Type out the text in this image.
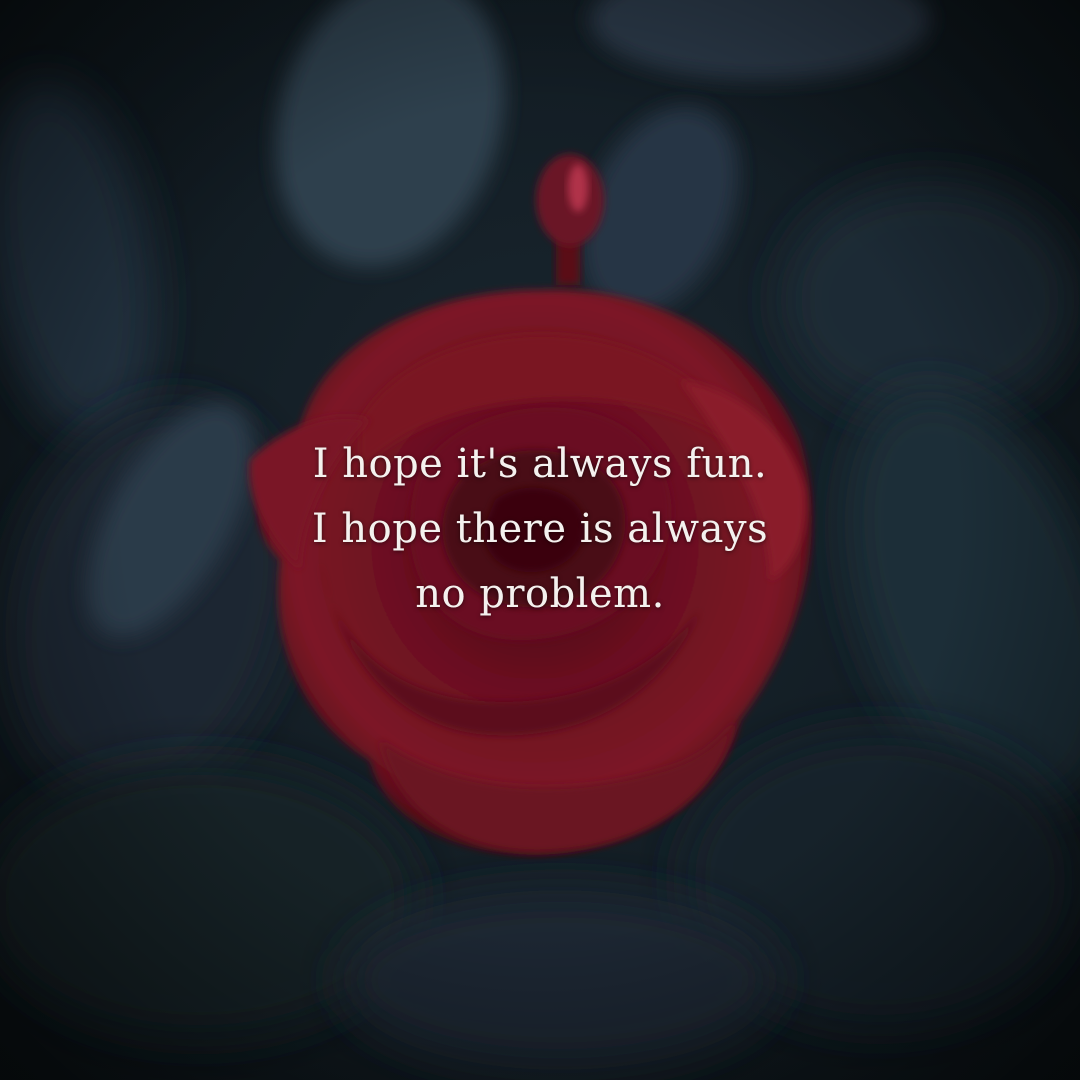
I hope it's always fun.
I hope there is always
no problem.
